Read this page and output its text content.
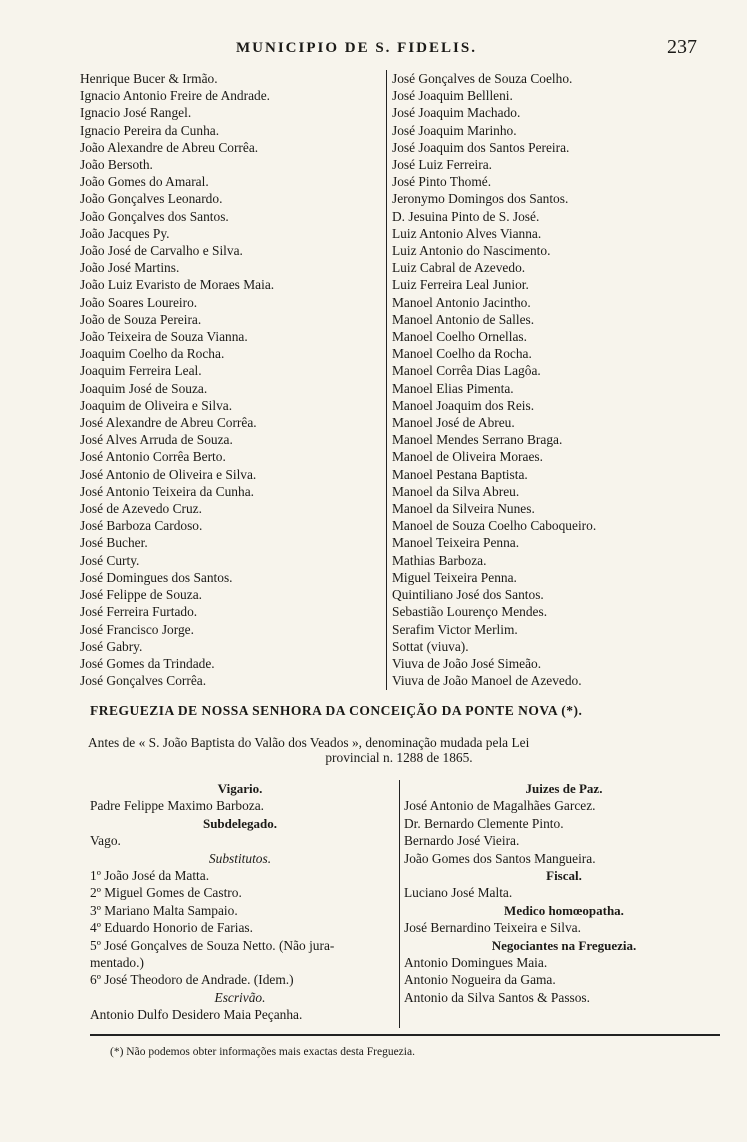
MUNICIPIO DE S. FIDELIS.	237
Henrique Bucer & Irmão.
Ignacio Antonio Freire de Andrade.
Ignacio José Rangel.
Ignacio Pereira da Cunha.
João Alexandre de Abreu Corrêa.
João Bersoth.
João Gomes do Amaral.
João Gonçalves Leonardo.
João Gonçalves dos Santos.
João Jacques Py.
João José de Carvalho e Silva.
João José Martins.
João Luiz Evaristo de Moraes Maia.
João Soares Loureiro.
João de Souza Pereira.
João Teixeira de Souza Vianna.
Joaquim Coelho da Rocha.
Joaquim Ferreira Leal.
Joaquim José de Souza.
Joaquim de Oliveira e Silva.
José Alexandre de Abreu Corrêa.
José Alves Arruda de Souza.
José Antonio Corrêa Berto.
José Antonio de Oliveira e Silva.
José Antonio Teixeira da Cunha.
José de Azevedo Cruz.
José Barboza Cardoso.
José Bucher.
José Curty.
José Domingues dos Santos.
José Felippe de Souza.
José Ferreira Furtado.
José Francisco Jorge.
José Gabry.
José Gomes da Trindade.
José Gonçalves Corrêa.
José Gonçalves de Souza Coelho.
José Joaquim Bellleni.
José Joaquim Machado.
José Joaquim Marinho.
José Joaquim dos Santos Pereira.
José Luiz Ferreira.
José Pinto Thomé.
Jeronymo Domingos dos Santos.
D. Jesuina Pinto de S. José.
Luiz Antonio Alves Vianna.
Luiz Antonio do Nascimento.
Luiz Cabral de Azevedo.
Luiz Ferreira Leal Junior.
Manoel Antonio Jacintho.
Manoel Antonio de Salles.
Manoel Coelho Ornellas.
Manoel Coelho da Rocha.
Manoel Corrêa Dias Lagôa.
Manoel Elias Pimenta.
Manoel Joaquim dos Reis.
Manoel José de Abreu.
Manoel Mendes Serrano Braga.
Manoel de Oliveira Moraes.
Manoel Pestana Baptista.
Manoel da Silva Abreu.
Manoel da Silveira Nunes.
Manoel de Souza Coelho Caboqueiro.
Manoel Teixeira Penna.
Mathias Barboza.
Miguel Teixeira Penna.
Quintiliano José dos Santos.
Sebastião Lourenço Mendes.
Serafim Victor Merlim.
Sottat (viuva).
Viuva de João José Simeão.
Viuva de João Manoel de Azevedo.
FREGUEZIA DE NOSSA SENHORA DA CONCEIÇÃO DA PONTE NOVA (*).

Antes de « S. João Baptista do Valão dos Veados », denominação mudada pela Lei

provincial n. 1288 de 1865.

Vigario.
Padre Felippe Maximo Barboza.
Subdelegado.
Vago.
Substitutos.
1º João José da Matta.
2º Miguel Gomes de Castro.
3º Mariano Malta Sampaio.
4º Eduardo Honorio de Farias.
5º José Gonçalves de Souza Netto. (Não jura-
mentado.)
6º José Theodoro de Andrade. (Idem.)
Escrivão.
Antonio Dulfo Desidero Maia Peçanha.
Juizes de Paz.
José Antonio de Magalhães Garcez.
Dr. Bernardo Clemente Pinto.
Bernardo José Vieira.
João Gomes dos Santos Mangueira.
Fiscal.
Luciano José Malta.
Medico homœopatha.
José Bernardino Teixeira e Silva.
Negociantes na Freguezia.
Antonio Domingues Maia.
Antonio Nogueira da Gama.
Antonio da Silva Santos & Passos.
(*) Não podemos obter informações mais exactas desta Freguezia.
